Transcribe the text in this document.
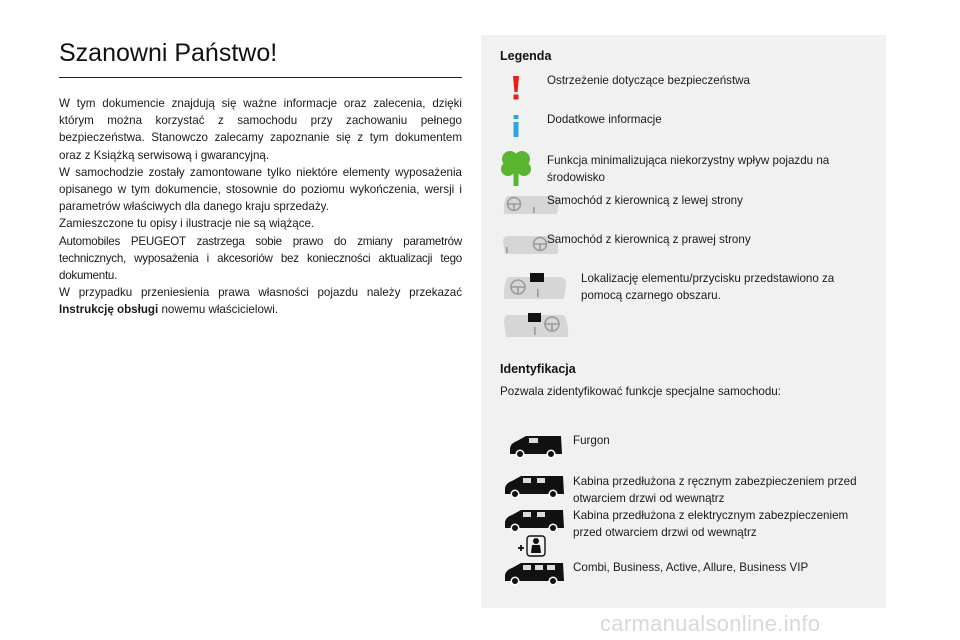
Szanowni Państwo!

W tym dokumencie znajdują się ważne informacje oraz zalecenia, dzięki którym można korzystać z samochodu przy zachowaniu pełnego bezpieczeństwa. Stanowczo zalecamy zapoznanie się z tym dokumentem oraz z Książką serwisową i gwarancyjną.

W samochodzie zostały zamontowane tylko niektóre elementy wyposażenia opisanego w tym dokumencie, stosownie do poziomu wykończenia, wersji i parametrów właściwych dla danego kraju sprzedaży.

Zamieszczone tu opisy i ilustracje nie są wiążące.

Automobiles PEUGEOT zastrzega sobie prawo do zmiany parametrów technicznych, wyposażenia i akcesoriów bez konieczności aktualizacji tego dokumentu.

W przypadku przeniesienia prawa własności pojazdu należy przekazać Instrukcję obsługi nowemu właścicielowi.

Legenda
Ostrzeżenie dotyczące bezpieczeństwa
Dodatkowe informacje
Funkcja minimalizująca niekorzystny wpływ pojazdu na środowisko
Samochód z kierownicą z lewej strony
Samochód z kierownicą z prawej strony
Lokalizację elementu/przycisku przedstawiono za pomocą czarnego obszaru.
Identyfikacja
Pozwala zidentyfikować funkcje specjalne samochodu:
Furgon
Kabina przedłużona z ręcznym zabezpieczeniem przed otwarciem drzwi od wewnątrz
Kabina przedłużona z elektrycznym zabezpieczeniem przed otwarciem drzwi od wewnątrz
Combi, Business, Active, Allure, Business VIP
carmanualsonline.info
